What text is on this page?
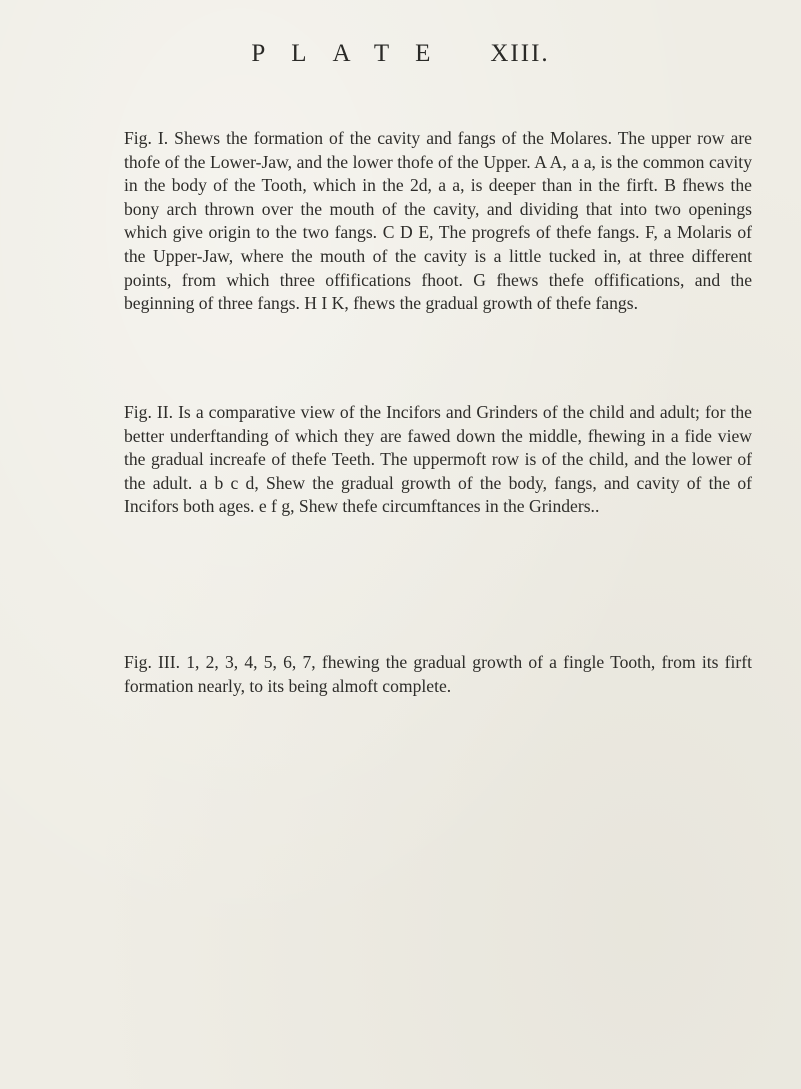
PLATE XIII.

Fig. I. Shews the formation of the cavity and fangs of the Molares. The upper row are thofe of the Lower-Jaw, and the lower thofe of the Upper. A A, a a, is the common cavity in the body of the Tooth, which in the 2d, a a, is deeper than in the firft. B fhews the bony arch thrown over the mouth of the cavity, and dividing that into two openings which give origin to the two fangs. C D E, The progrefs of thefe fangs. F, a Molaris of the Upper-Jaw, where the mouth of the cavity is a little tucked in, at three different points, from which three offifications fhoot. G fhews thefe offifications, and the beginning of three fangs. H I K, fhews the gradual growth of thefe fangs.

Fig. II. Is a comparative view of the Incifors and Grinders of the child and adult; for the better underftanding of which they are fawed down the middle, fhewing in a fide view the gradual increafe of thefe Teeth. The uppermoft row is of the child, and the lower of the adult. a b c d, Shew the gradual growth of the body, fangs, and cavity of the of Incifors both ages. e f g, Shew thefe circumftances in the Grinders..

Fig. III. 1, 2, 3, 4, 5, 6, 7, fhewing the gradual growth of a fingle Tooth, from its firft formation nearly, to its being almoft complete.
